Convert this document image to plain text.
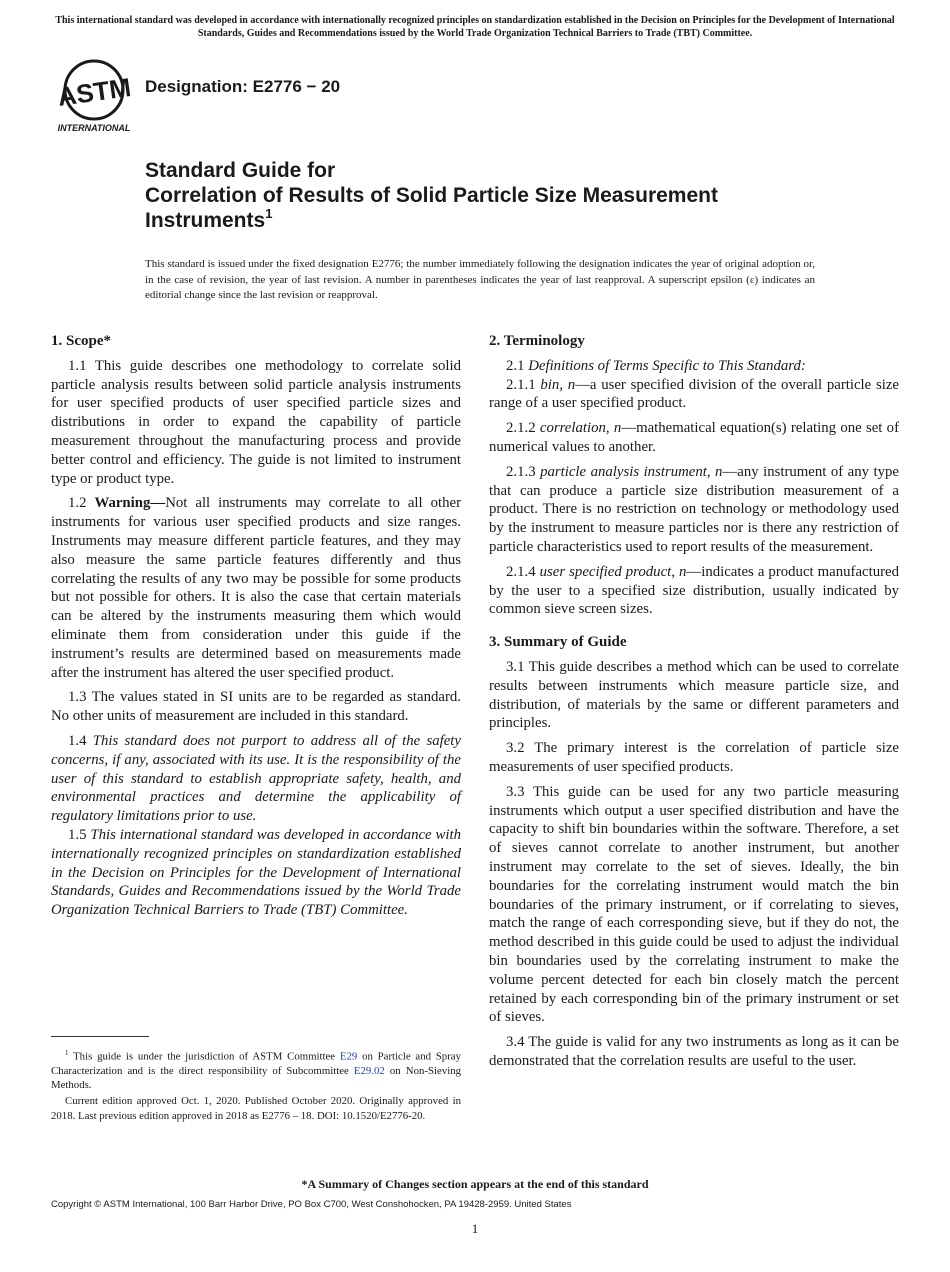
This international standard was developed in accordance with internationally recognized principles on standardization established in the Decision on Principles for the Development of International Standards, Guides and Recommendations issued by the World Trade Organization Technical Barriers to Trade (TBT) Committee.
ASTM
INTERNATIONAL
Designation: E2776 − 20
Standard Guide for
Correlation of Results of Solid Particle Size Measurement
Instruments$^1$
This standard is issued under the fixed designation E2776; the number immediately following the designation indicates the year of original adoption or, in the case of revision, the year of last revision. A number in parentheses indicates the year of last reapproval. A superscript epsilon (ε) indicates an editorial change since the last revision or reapproval.
1. Scope*

1.1 This guide describes one methodology to correlate solid particle analysis results between solid particle analysis instruments for user specified products of user specified particle sizes and distributions in order to expand the capability of particle measurement throughout the manufacturing process and provide better control and efficiency. The guide is not limited to instrument type or product type.

1.2 Warning—Not all instruments may correlate to all other instruments for various user specified products and size ranges. Instruments may measure different particle features, and they may also measure the same particle features differently and thus correlating the results of any two may be possible for some products but not possible for others. It is also the case that certain materials can be altered by the instruments measuring them which would eliminate them from consideration under this guide if the instrument’s results are determined based on measurements made after the instrument has altered the user specified product.

1.3 The values stated in SI units are to be regarded as standard. No other units of measurement are included in this standard.

1.4 This standard does not purport to address all of the safety concerns, if any, associated with its use. It is the responsibility of the user of this standard to establish appropriate safety, health, and environmental practices and determine the applicability of regulatory limitations prior to use.

1.5 This international standard was developed in accordance with internationally recognized principles on standardization established in the Decision on Principles for the Development of International Standards, Guides and Recommendations issued by the World Trade Organization Technical Barriers to Trade (TBT) Committee.

2. Terminology

2.1 Definitions of Terms Specific to This Standard:

2.1.1 bin, n—a user specified division of the overall particle size range of a user specified product.

2.1.2 correlation, n—mathematical equation(s) relating one set of numerical values to another.

2.1.3 particle analysis instrument, n—any instrument of any type that can produce a particle size distribution measurement of a product. There is no restriction on technology or methodology used by the instrument to measure particles nor is there any restriction of particle characteristics used to report results of the measurement.

2.1.4 user specified product, n—indicates a product manufactured by the user to a specified size distribution, usually indicated by common sieve screen sizes.

3. Summary of Guide

3.1 This guide describes a method which can be used to correlate results between instruments which measure particle size, and distribution, of materials by the same or different parameters and principles.

3.2 The primary interest is the correlation of particle size measurements of user specified products.

3.3 This guide can be used for any two particle measuring instruments which output a user specified distribution and have the capacity to shift bin boundaries within the software. Therefore, a set of sieves cannot correlate to another instrument, but another instrument may correlate to the set of sieves. Ideally, the bin boundaries for the correlating instrument would match the bin boundaries of the primary instrument, or if correlating to sieves, match the range of each corresponding sieve, but if they do not, the method described in this guide could be used to adjust the individual bin boundaries used by the correlating instrument to make the volume percent detected for each bin closely match the percent retained by each corresponding bin of the primary instrument or set of sieves.

3.4 The guide is valid for any two instruments as long as it can be demonstrated that the correlation results are useful to the user.

$^1$ This guide is under the jurisdiction of ASTM Committee E29 on Particle and Spray Characterization and is the direct responsibility of Subcommittee E29.02 on Non-Sieving Methods.

Current edition approved Oct. 1, 2020. Published October 2020. Originally approved in 2018. Last previous edition approved in 2018 as E2776 – 18. DOI: 10.1520/E2776-20.

*A Summary of Changes section appears at the end of this standard
Copyright © ASTM International, 100 Barr Harbor Drive, PO Box C700, West Conshohocken, PA 19428-2959. United States
1
